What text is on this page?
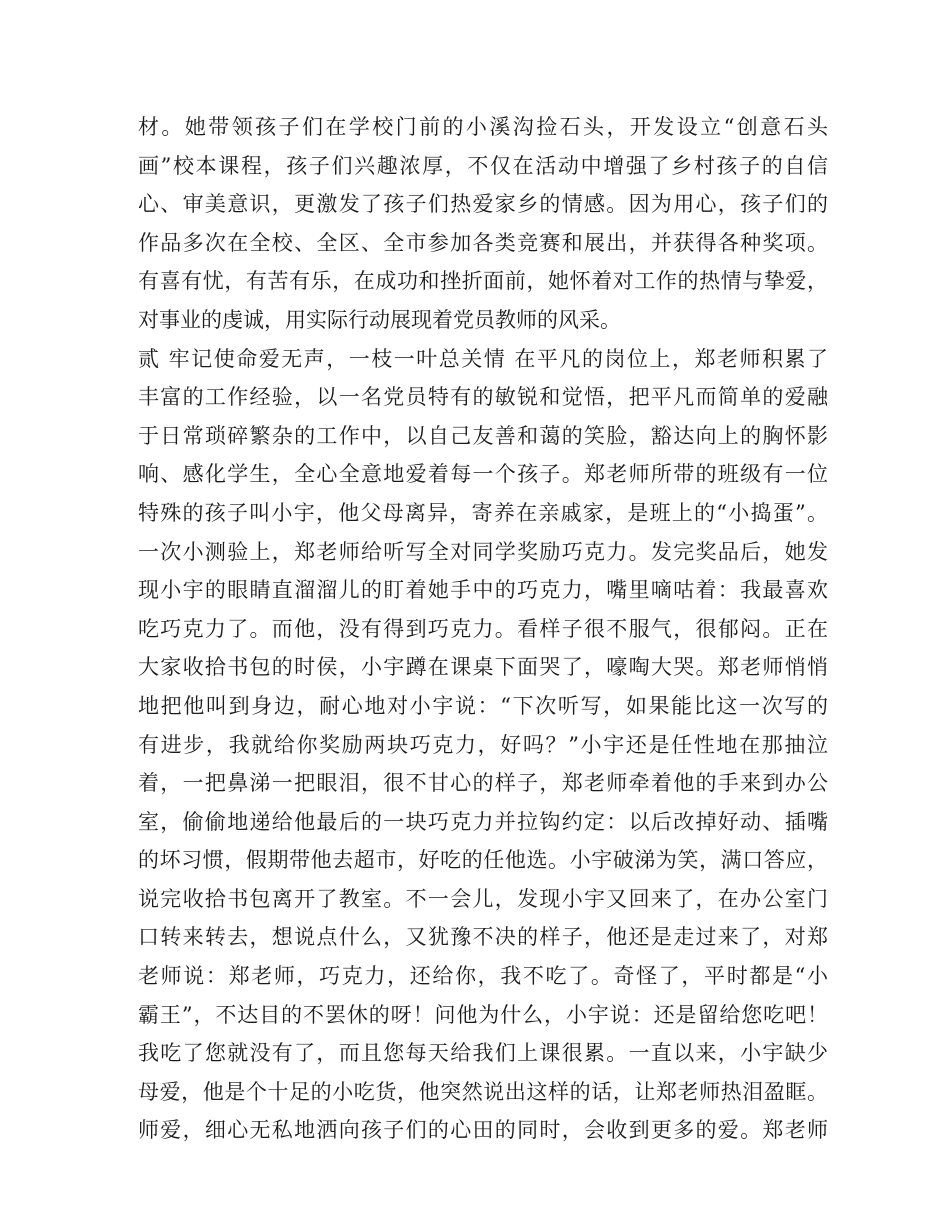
材。她带领孩子们在学校门前的小溪沟捡石头，开发设立“创意石头
画”校本课程，孩子们兴趣浓厚，不仅在活动中增强了乡村孩子的自信
心、审美意识，更激发了孩子们热爱家乡的情感。因为用心，孩子们的
作品多次在全校、全区、全市参加各类竞赛和展出，并获得各种奖项。
有喜有忧，有苦有乐，在成功和挫折面前，她怀着对工作的热情与挚爱，
对事业的虔诚，用实际行动展现着党员教师的风采。
贰 牢记使命爱无声，一枝一叶总关情 在平凡的岗位上，郑老师积累了
丰富的工作经验，以一名党员特有的敏锐和觉悟，把平凡而简单的爱融
于日常琐碎繁杂的工作中，以自己友善和蔼的笑脸，豁达向上的胸怀影
响、感化学生，全心全意地爱着每一个孩子。郑老师所带的班级有一位
特殊的孩子叫小宇，他父母离异，寄养在亲戚家，是班上的“小捣蛋”。
一次小测验上，郑老师给听写全对同学奖励巧克力。发完奖品后，她发
现小宇的眼睛直溜溜儿的盯着她手中的巧克力，嘴里嘀咕着：我最喜欢
吃巧克力了。而他，没有得到巧克力。看样子很不服气，很郁闷。正在
大家收拾书包的时侯，小宇蹲在课桌下面哭了，嚎啕大哭。郑老师悄悄
地把他叫到身边，耐心地对小宇说：“下次听写，如果能比这一次写的
有进步，我就给你奖励两块巧克力，好吗？”小宇还是任性地在那抽泣
着，一把鼻涕一把眼泪，很不甘心的样子，郑老师牵着他的手来到办公
室，偷偷地递给他最后的一块巧克力并拉钩约定：以后改掉好动、插嘴
的坏习惯，假期带他去超市，好吃的任他选。小宇破涕为笑，满口答应，
说完收拾书包离开了教室。不一会儿，发现小宇又回来了，在办公室门
口转来转去，想说点什么，又犹豫不决的样子，他还是走过来了，对郑
老师说：郑老师，巧克力，还给你，我不吃了。奇怪了，平时都是“小
霸王”，不达目的不罢休的呀！问他为什么，小宇说：还是留给您吃吧！
我吃了您就没有了，而且您每天给我们上课很累。一直以来，小宇缺少
母爱，他是个十足的小吃货，他突然说出这样的话，让郑老师热泪盈眶。
师爱，细心无私地洒向孩子们的心田的同时，会收到更多的爱。郑老师
